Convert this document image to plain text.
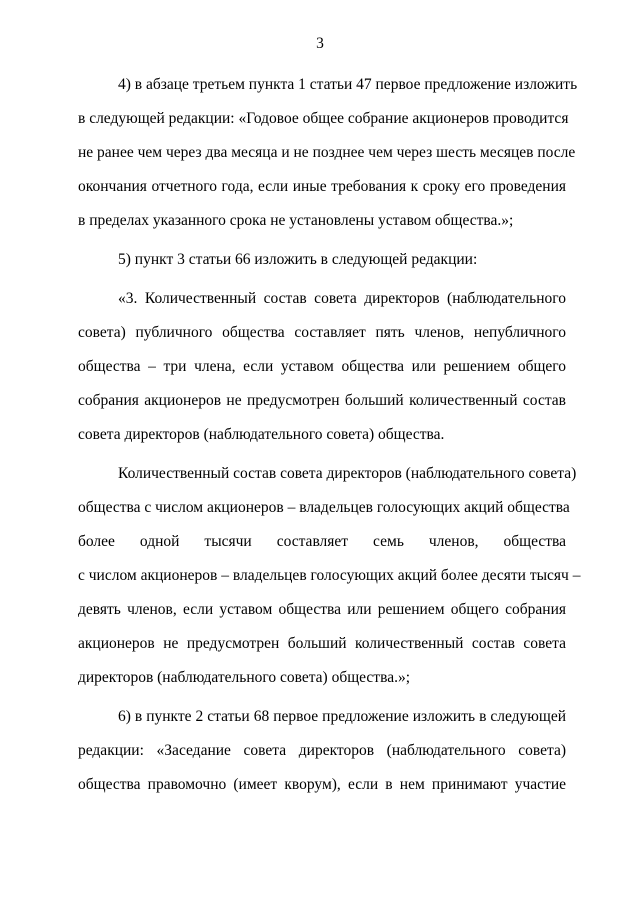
3
4) в абзаце третьем пункта 1 статьи 47 первое предложение изложить
в следующей редакции: «Годовое общее собрание акционеров проводится
не ранее чем через два месяца и не позднее чем через шесть месяцев после
окончания отчетного года, если иные требования к сроку его проведения
в пределах указанного срока не установлены уставом общества.»;
5) пункт 3 статьи 66 изложить в следующей редакции:
«3. Количественный состав совета директоров (наблюдательного
совета) публичного общества составляет пять членов, непубличного
общества – три члена, если уставом общества или решением общего
собрания акционеров не предусмотрен больший количественный состав
совета директоров (наблюдательного совета) общества.
Количественный состав совета директоров (наблюдательного совета)
общества с числом акционеров – владельцев голосующих акций общества
более одной тысячи составляет семь членов, общества
с числом акционеров – владельцев голосующих акций более десяти тысяч –
девять членов, если уставом общества или решением общего собрания
акционеров не предусмотрен больший количественный состав совета
директоров (наблюдательного совета) общества.»;
6) в пункте 2 статьи 68 первое предложение изложить в следующей
редакции: «Заседание совета директоров (наблюдательного совета)
общества правомочно (имеет кворум), если в нем принимают участие
